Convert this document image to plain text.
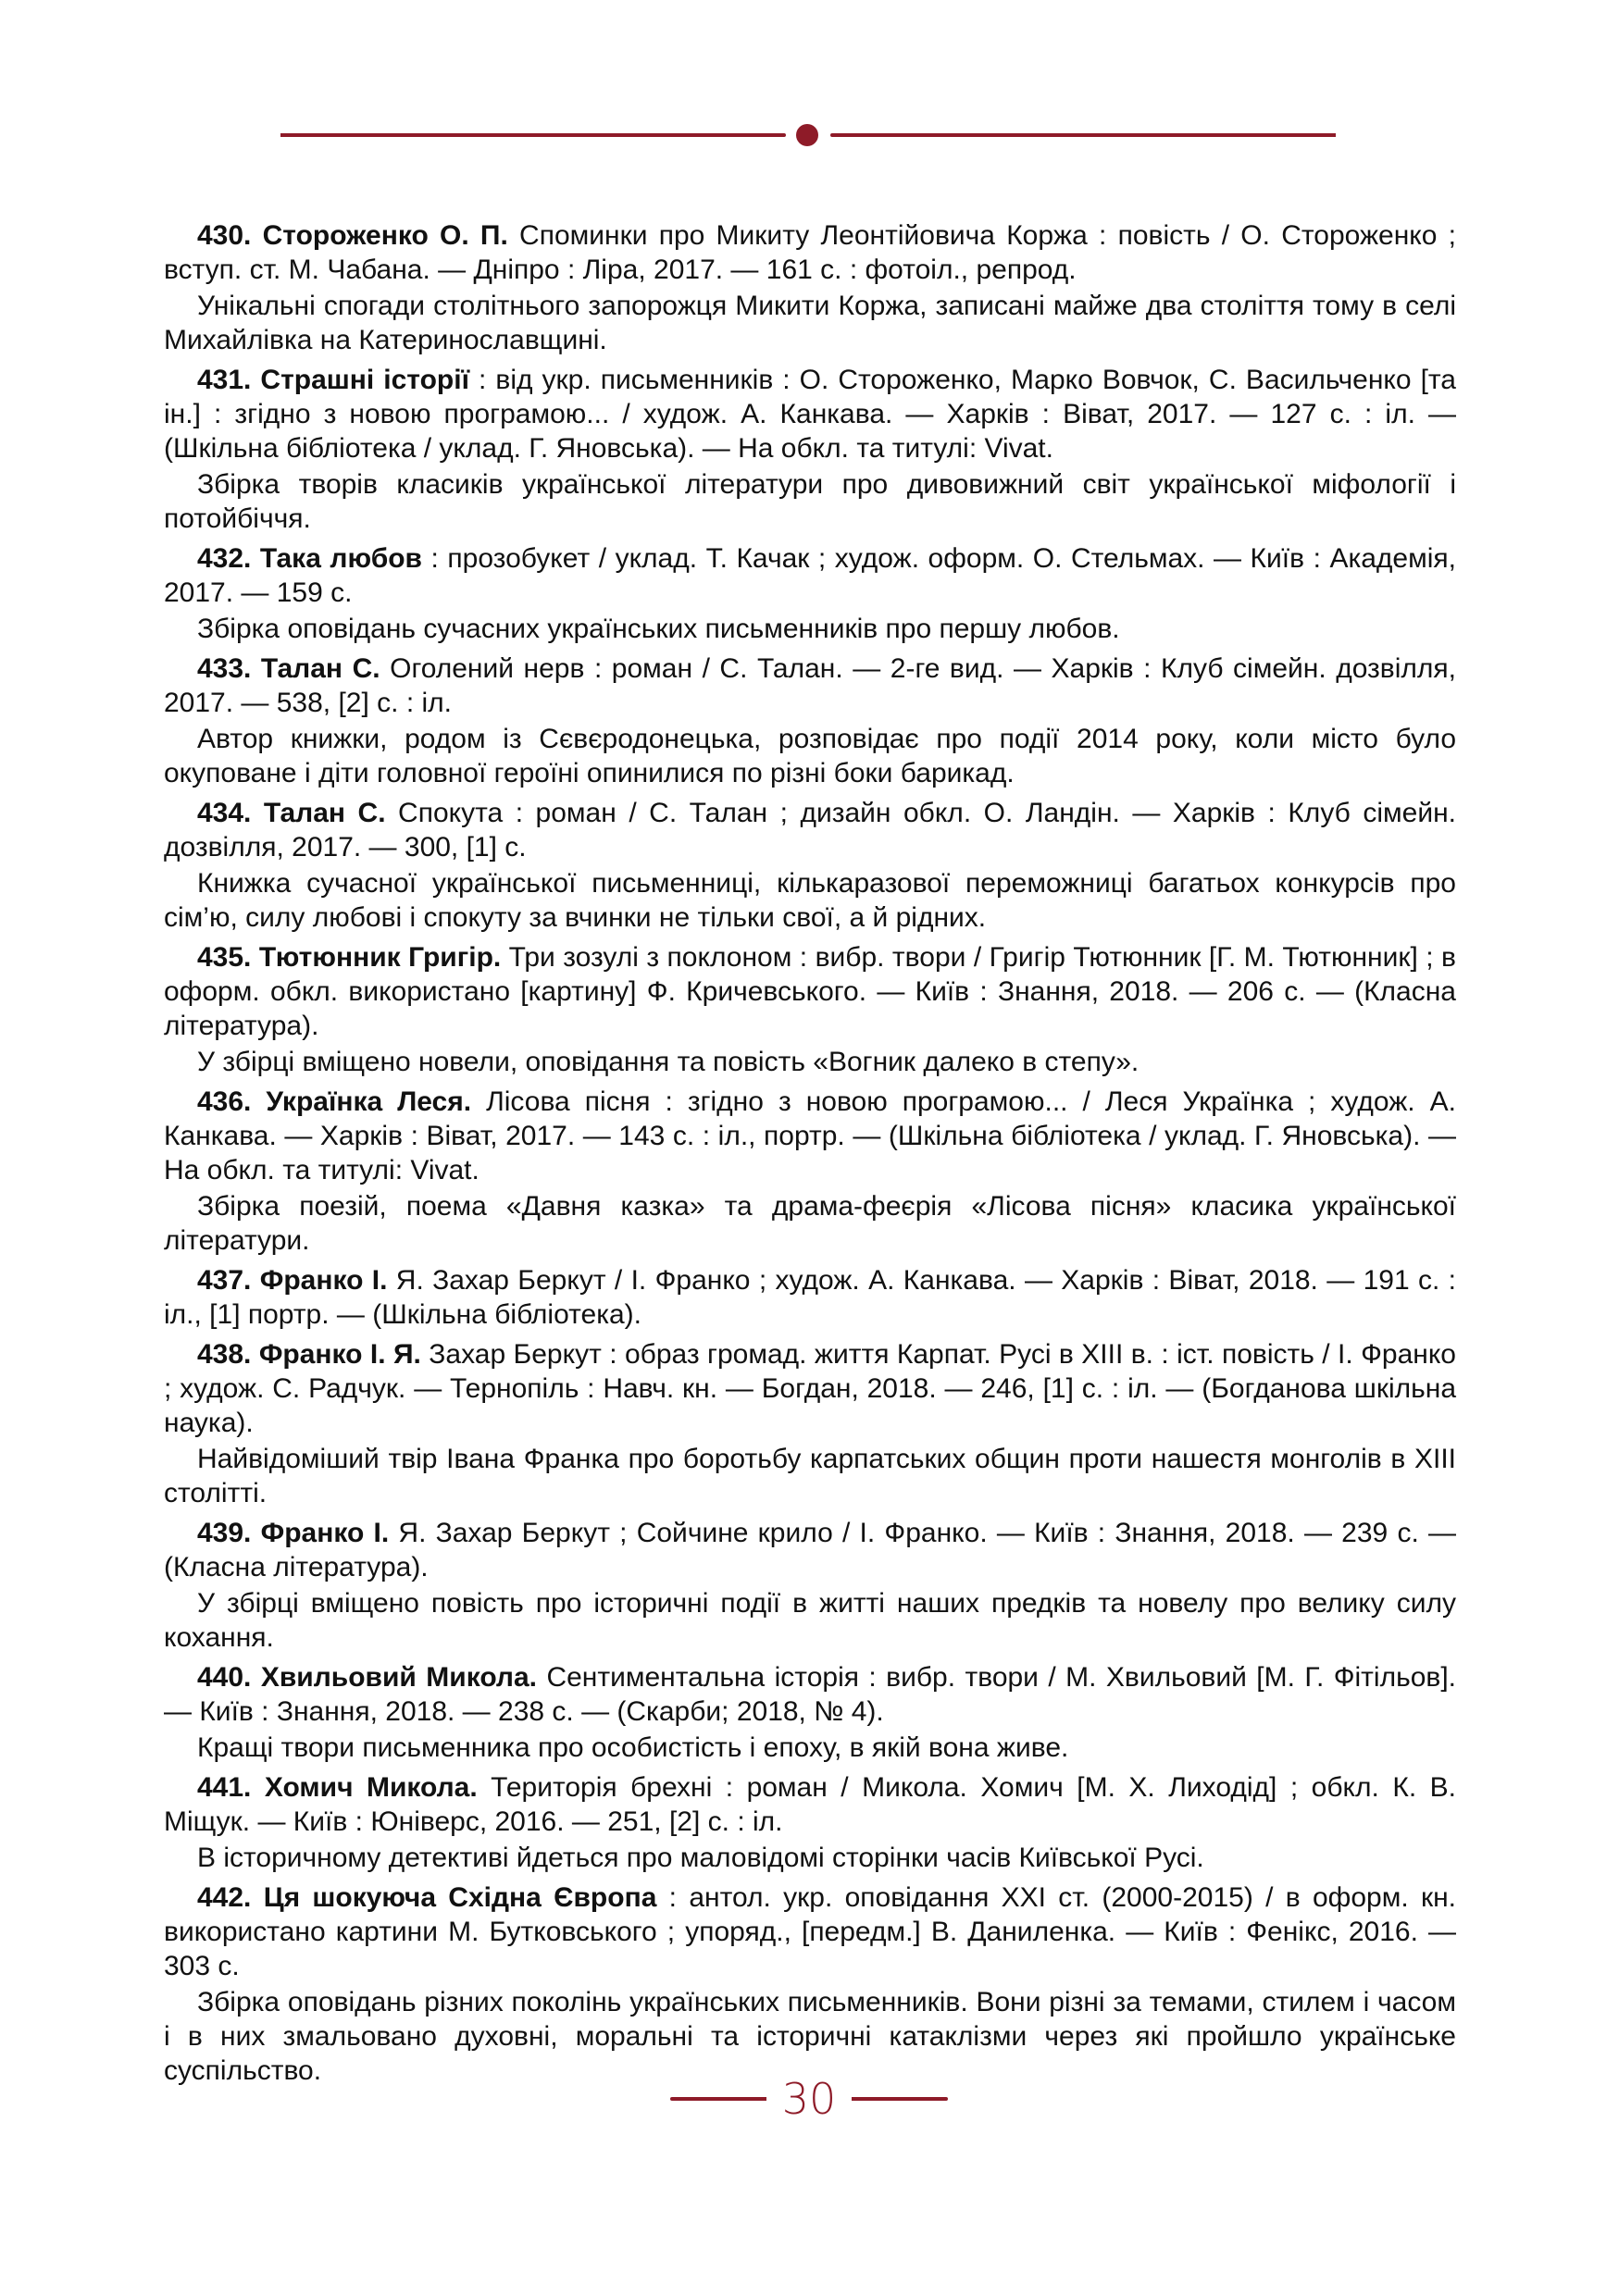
430. Стороженко О. П. Споминки про Микиту Леонтійовича Коржа : повість / О. Стороженко ; вступ. ст. М. Чабана. — Дніпро : Ліра, 2017. — 161 с. : фотоіл., репрод.

Унікальні спогади столітнього запорожця Микити Коржа, записані майже два століття тому в селі Михайлівка на Катеринославщині.

431. Страшні історії : від укр. письменників : О. Стороженко, Марко Вовчок, С. Васильченко [та ін.] : згідно з новою програмою... / худож. А. Канкава. — Харків : Віват, 2017. — 127 с. : іл. — (Шкільна бібліотека / уклад. Г. Яновська). — На обкл. та титулі: Vivat.

Збірка творів класиків української літератури про дивовижний світ української міфології і потойбіччя.

432. Така любов : прозобукет / уклад. Т. Качак ; худож. оформ. О. Стельмах. — Київ : Академія, 2017. — 159 с.

Збірка оповідань сучасних українських письменників про першу любов.

433. Талан С. Оголений нерв : роман / С. Талан. — 2-ге вид. — Харків : Клуб сімейн. дозвілля, 2017. — 538, [2] с. : іл.

Автор книжки, родом із Сєвєродонецька, розповідає про події 2014 року, коли місто було окуповане і діти головної героїні опинилися по різні боки барикад.

434. Талан С. Спокута : роман / С. Талан ; дизайн обкл. О. Ландін. — Харків : Клуб сімейн. дозвілля, 2017. — 300, [1] с.

Книжка сучасної української письменниці, кількаразової переможниці багатьох конкурсів про сім’ю, силу любові і спокуту за вчинки не тільки свої, а й рідних.

435. Тютюнник Григір. Три зозулі з поклоном : вибр. твори / Григір Тютюнник [Г. М. Тютюнник] ; в оформ. обкл. використано [картину] Ф. Кричевського. — Київ : Знання, 2018. — 206 с. — (Класна література).

У збірці вміщено новели, оповідання та повість «Вогник далеко в степу».

436. Українка Леся. Лісова пісня : згідно з новою програмою... / Леся Українка ; худож. А. Канкава. — Харків : Віват, 2017. — 143 с. : іл., портр. — (Шкільна бібліотека / уклад. Г. Яновська). — На обкл. та титулі: Vivat.

Збірка поезій, поема «Давня казка» та драма-феєрія «Лісова пісня» класика української літератури.

437. Франко І. Я. Захар Беркут / І. Франко ; худож. А. Канкава. — Харків : Віват, 2018. — 191 с. : іл., [1] портр. — (Шкільна бібліотека).

438. Франко І. Я. Захар Беркут : образ громад. життя Карпат. Русі в XIII в. : іст. повість / І. Франко ; худож. С. Радчук. — Тернопіль : Навч. кн. — Богдан, 2018. — 246, [1] с. : іл. — (Богданова шкільна наука).

Найвідоміший твір Івана Франка про боротьбу карпатських общин проти нашестя монголів в XIII столітті.

439. Франко І. Я. Захар Беркут ; Сойчине крило / І. Франко. — Київ : Знання, 2018. — 239 с. — (Класна література).

У збірці вміщено повість про історичні події в житті наших предків та новелу про велику силу кохання.

440. Хвильовий Микола. Сентиментальна історія : вибр. твори / М. Хвильовий [М. Г. Фітільов]. — Київ : Знання, 2018. — 238 с. — (Скарби; 2018, № 4).

Кращі твори письменника про особистість і епоху, в якій вона живе.

441. Хомич Микола. Територія брехні : роман / Микола. Хомич [М. Х. Лиходід] ; обкл. К. В. Міщук. — Київ : Юніверс, 2016. — 251, [2] с. : іл.

В історичному детективі йдеться про маловідомі сторінки часів Київської Русі.

442. Ця шокуюча Східна Європа : антол. укр. оповідання XXI ст. (2000-2015) / в оформ. кн. використано картини М. Бутковського ; упоряд., [передм.] В. Даниленка. — Київ : Фенікс, 2016. — 303 с.

Збірка оповідань різних поколінь українських письменників. Вони різні за темами, стилем і часом і в них змальовано духовні, моральні та історичні катаклізми через які пройшло українське суспільство.

30
